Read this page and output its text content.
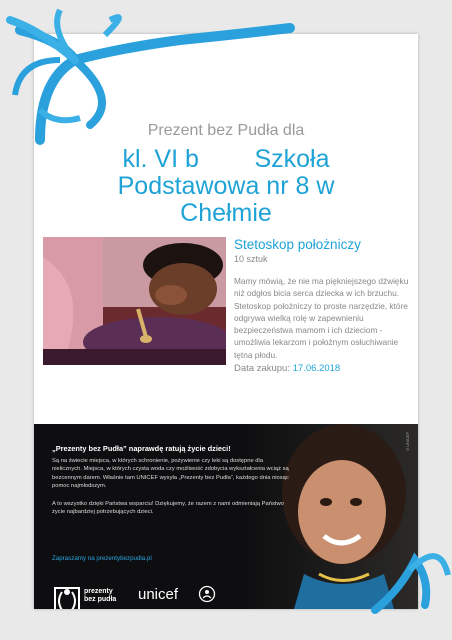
Prezent bez Pudła dla
kl. VI b        Szkoła
Podstawowa nr 8 w
Chełmie
Stetoskop położniczy
10 sztuk

Mamy mówią, że nie ma piękniejszego dźwięku niż odgłos bicia serca dziecka w ich brzuchu. Stetoskop położniczy to proste narzędzie, które odgrywa wielką rolę w zapewnieniu bezpieczeństwa mamom i ich dzieciom - umożliwia lekarzom i położnym osłuchiwanie tętna płodu.

Data zakupu: 17.06.2018
„Prezenty bez Pudła” naprawdę ratują życie dzieci!

Są na świecie miejsca, w których schronienie, pożywienie czy leki są dostępne dla nielicznych. Miejsca, w których czysta woda czy możliwość zdobycia wykształcenia wciąż są bezcennym darem. Właśnie tam UNICEF wysyła „Prezenty bez Pudła”, każdego dnia niosąc pomoc najmłodszym.

A to wszystko dzięki Państwa wsparciu! Dziękujemy, że razem z nami odmieniają Państwo życie najbardziej potrzebujących dzieci.

Zapraszamy na prezentybezpudla.pl
prezenty
bez pudła	unicef
©UNICEF
